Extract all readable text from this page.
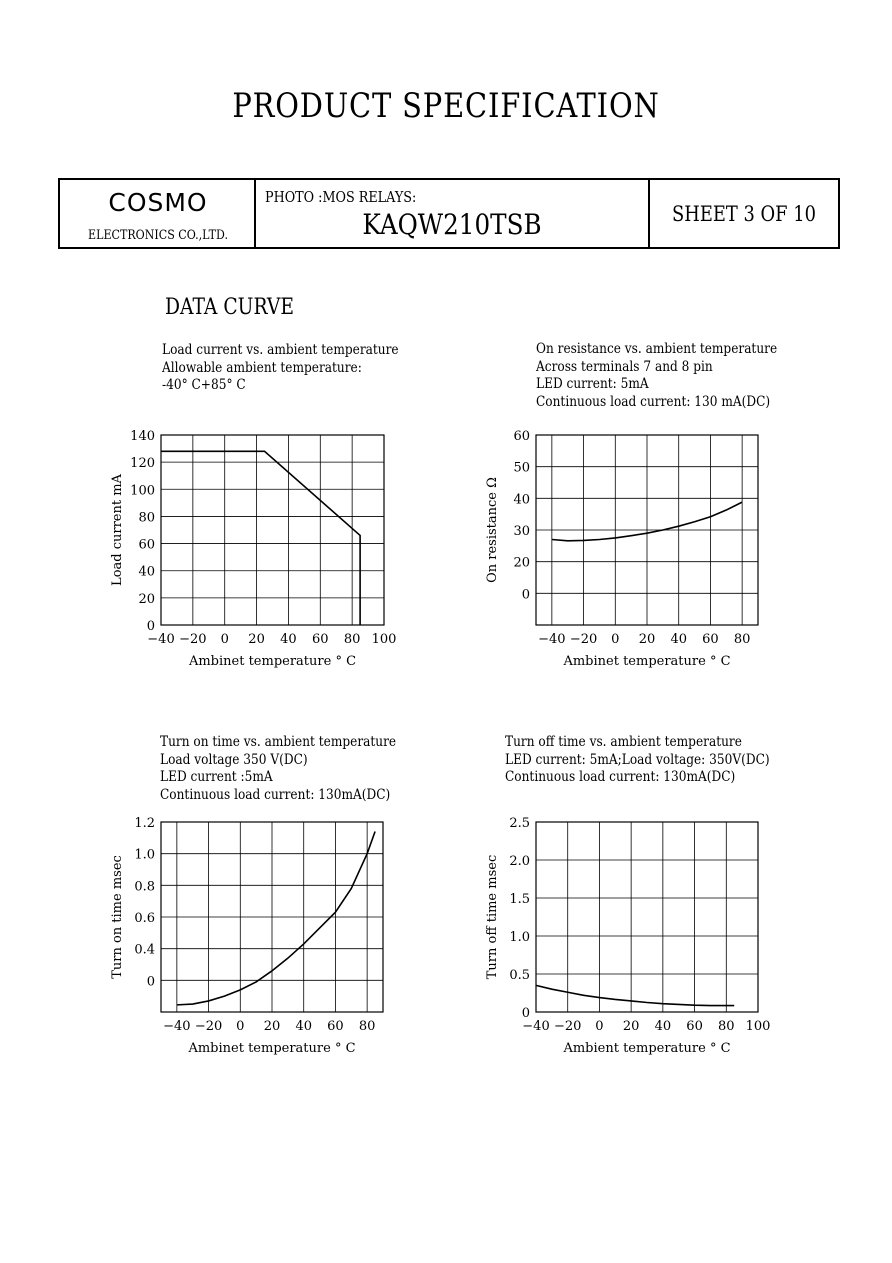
PRODUCT SPECIFICATION
COSMO
ELECTRONICS CO.,LTD.
PHOTO :MOS RELAYS:
KAQW210TSB	SHEET 3 OF 10
DATA CURVE
Load current vs. ambient temperature
Allowable ambient temperature:
-40° C+85° C
On resistance vs. ambient temperature
Across terminals 7 and 8 pin
LED current: 5mA
Continuous load current: 130 mA(DC)
Turn on time vs. ambient temperature
Load voltage 350 V(DC)
LED current :5mA
Continuous load current: 130mA(DC)
Turn off time vs. ambient temperature
LED current: 5mA;Load voltage: 350V(DC)
Continuous load current: 130mA(DC)
−40 −20 0 20 40 60 80 100
0
20
40
60
80
100
120
140
Ambinet temperature ° C
Load current mA
−40 −20 0 20 40 60 80
0
20
30
40
50
60
Ambinet temperature ° C
On resistance Ω
−40 −20 0 20 40 60 80
0
0.4
0.6
0.8
1.0
1.2
Ambinet temperature ° C
Turn on time msec
−40 −20 0 20 40 60 80 100
0
0.5
1.0
1.5
2.0
2.5
Ambient temperature ° C
Turn off time msec
